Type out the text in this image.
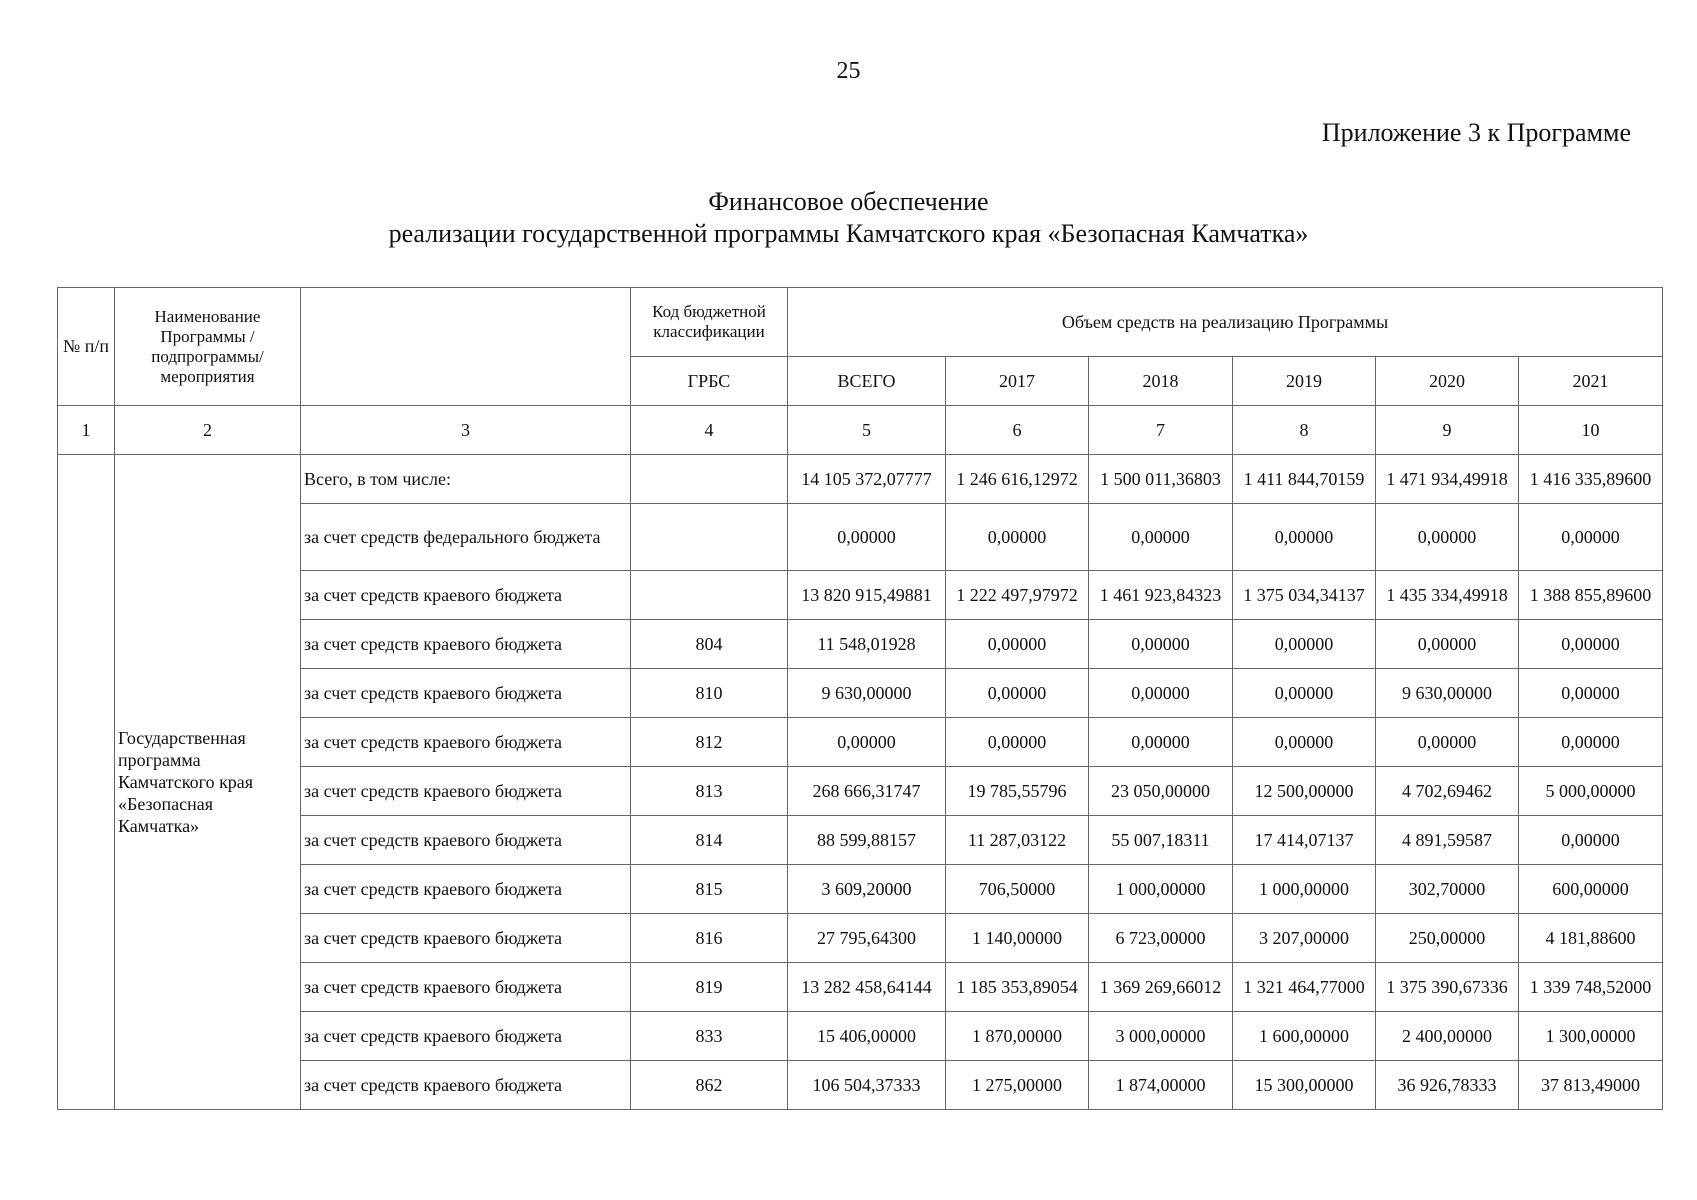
25
Приложение 3 к Программе
Финансовое обеспечение
реализации государственной программы Камчатского края «Безопасная Камчатка»
№ п/п	Наименование Программы /подпрограммы/ мероприятия		Код бюджетной классификации	Объем средств на реализацию Программы					
			ГРБС	ВСЕГО	2017	2018	2019	2020	2021
1	2	3	4	5	6	7	8	9	10
	Государственная программа Камчатского края «Безопасная Камчатка»	Всего, в том числе:		14 105 372,07777	1 246 616,12972	1 500 011,36803	1 411 844,70159	1 471 934,49918	1 416 335,89600
		за счет средств федерального бюджета		0,00000	0,00000	0,00000	0,00000	0,00000	0,00000
		за счет средств краевого бюджета		13 820 915,49881	1 222 497,97972	1 461 923,84323	1 375 034,34137	1 435 334,49918	1 388 855,89600
		за счет средств краевого бюджета	804	11 548,01928	0,00000	0,00000	0,00000	0,00000	0,00000
		за счет средств краевого бюджета	810	9 630,00000	0,00000	0,00000	0,00000	9 630,00000	0,00000
		за счет средств краевого бюджета	812	0,00000	0,00000	0,00000	0,00000	0,00000	0,00000
		за счет средств краевого бюджета	813	268 666,31747	19 785,55796	23 050,00000	12 500,00000	4 702,69462	5 000,00000
		за счет средств краевого бюджета	814	88 599,88157	11 287,03122	55 007,18311	17 414,07137	4 891,59587	0,00000
		за счет средств краевого бюджета	815	3 609,20000	706,50000	1 000,00000	1 000,00000	302,70000	600,00000
		за счет средств краевого бюджета	816	27 795,64300	1 140,00000	6 723,00000	3 207,00000	250,00000	4 181,88600
		за счет средств краевого бюджета	819	13 282 458,64144	1 185 353,89054	1 369 269,66012	1 321 464,77000	1 375 390,67336	1 339 748,52000
		за счет средств краевого бюджета	833	15 406,00000	1 870,00000	3 000,00000	1 600,00000	2 400,00000	1 300,00000
		за счет средств краевого бюджета	862	106 504,37333	1 275,00000	1 874,00000	15 300,00000	36 926,78333	37 813,49000
